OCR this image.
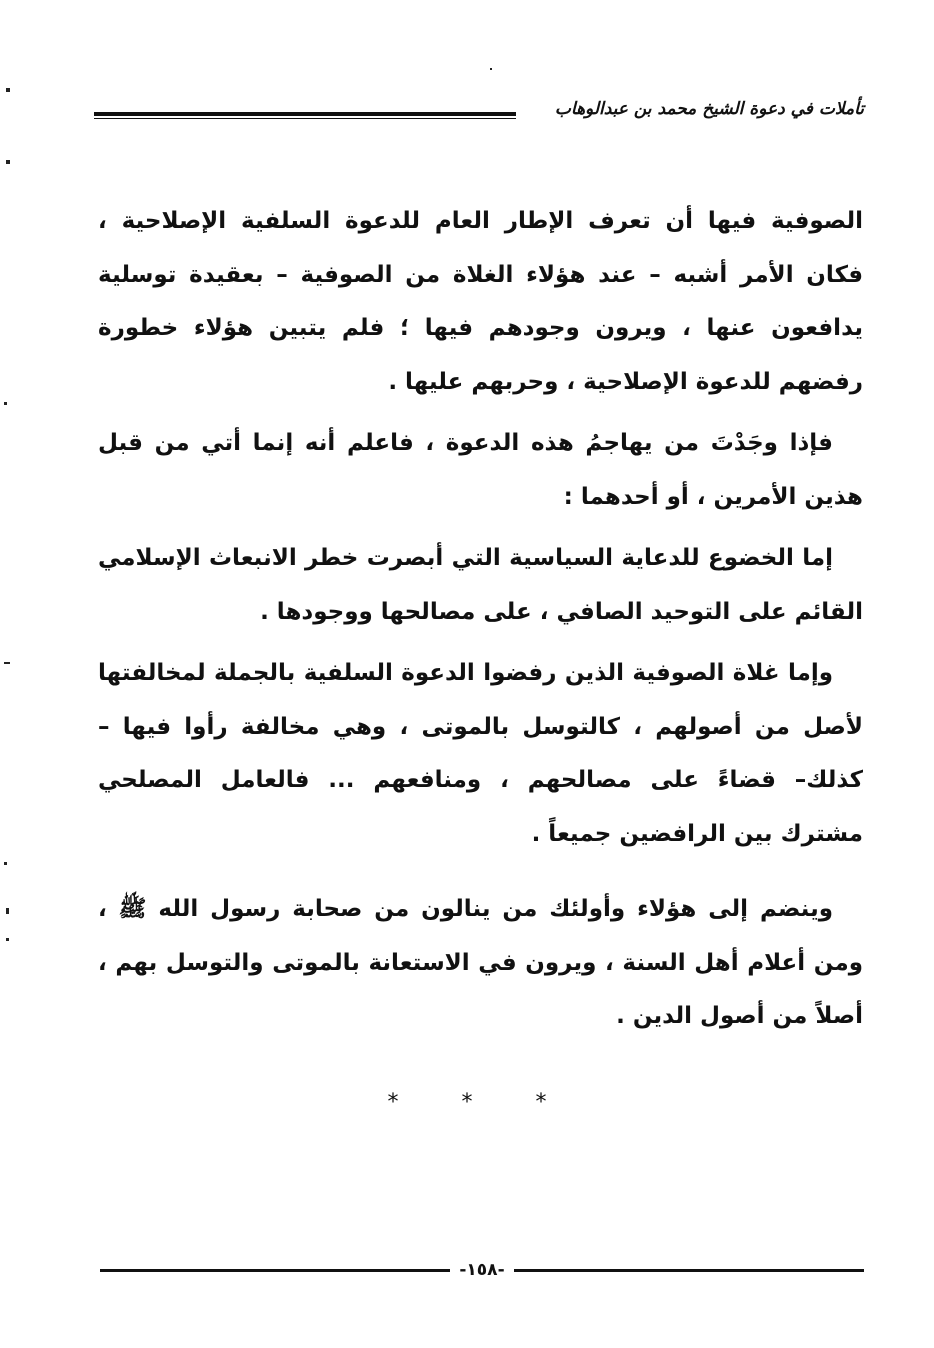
تأملات في دعوة الشيخ محمد بن عبدالوهاب

الصوفية فيها أن تعرف الإطار العام للدعوة السلفية الإصلاحية ، فكان الأمر أشبه – عند هؤلاء الغلاة من الصوفية – بعقيدة توسلية يدافعون عنها ، ويرون وجودهم فيها ؛ فلم يتبين هؤلاء خطورة رفضهم للدعوة الإصلاحية ، وحربهم عليها .

فإذا وجَدْتَ من يهاجمُ هذه الدعوة ، فاعلم أنه إنما أتي من قبل هذين الأمرين ، أو أحدهما :

إما الخضوع للدعاية السياسية التي أبصرت خطر الانبعاث الإسلامي القائم على التوحيد الصافي ، على مصالحها ووجودها .

وإما غلاة الصوفية الذين رفضوا الدعوة السلفية بالجملة لمخالفتها لأصل من أصولهم ، كالتوسل بالموتى ، وهي مخالفة رأوا فيها –كذلك– قضاءً على مصالحهم ، ومنافعهم ... فالعامل المصلحي مشترك بين الرافضين جميعاً .

وينضم إلى هؤلاء وأولئك من ينالون من صحابة رسول الله ﷺ ، ومن أعلام أهل السنة ، ويرون في الاستعانة بالموتى والتوسل بهم ، أصلاً من أصول الدين .

* * *
-١٥٨-
